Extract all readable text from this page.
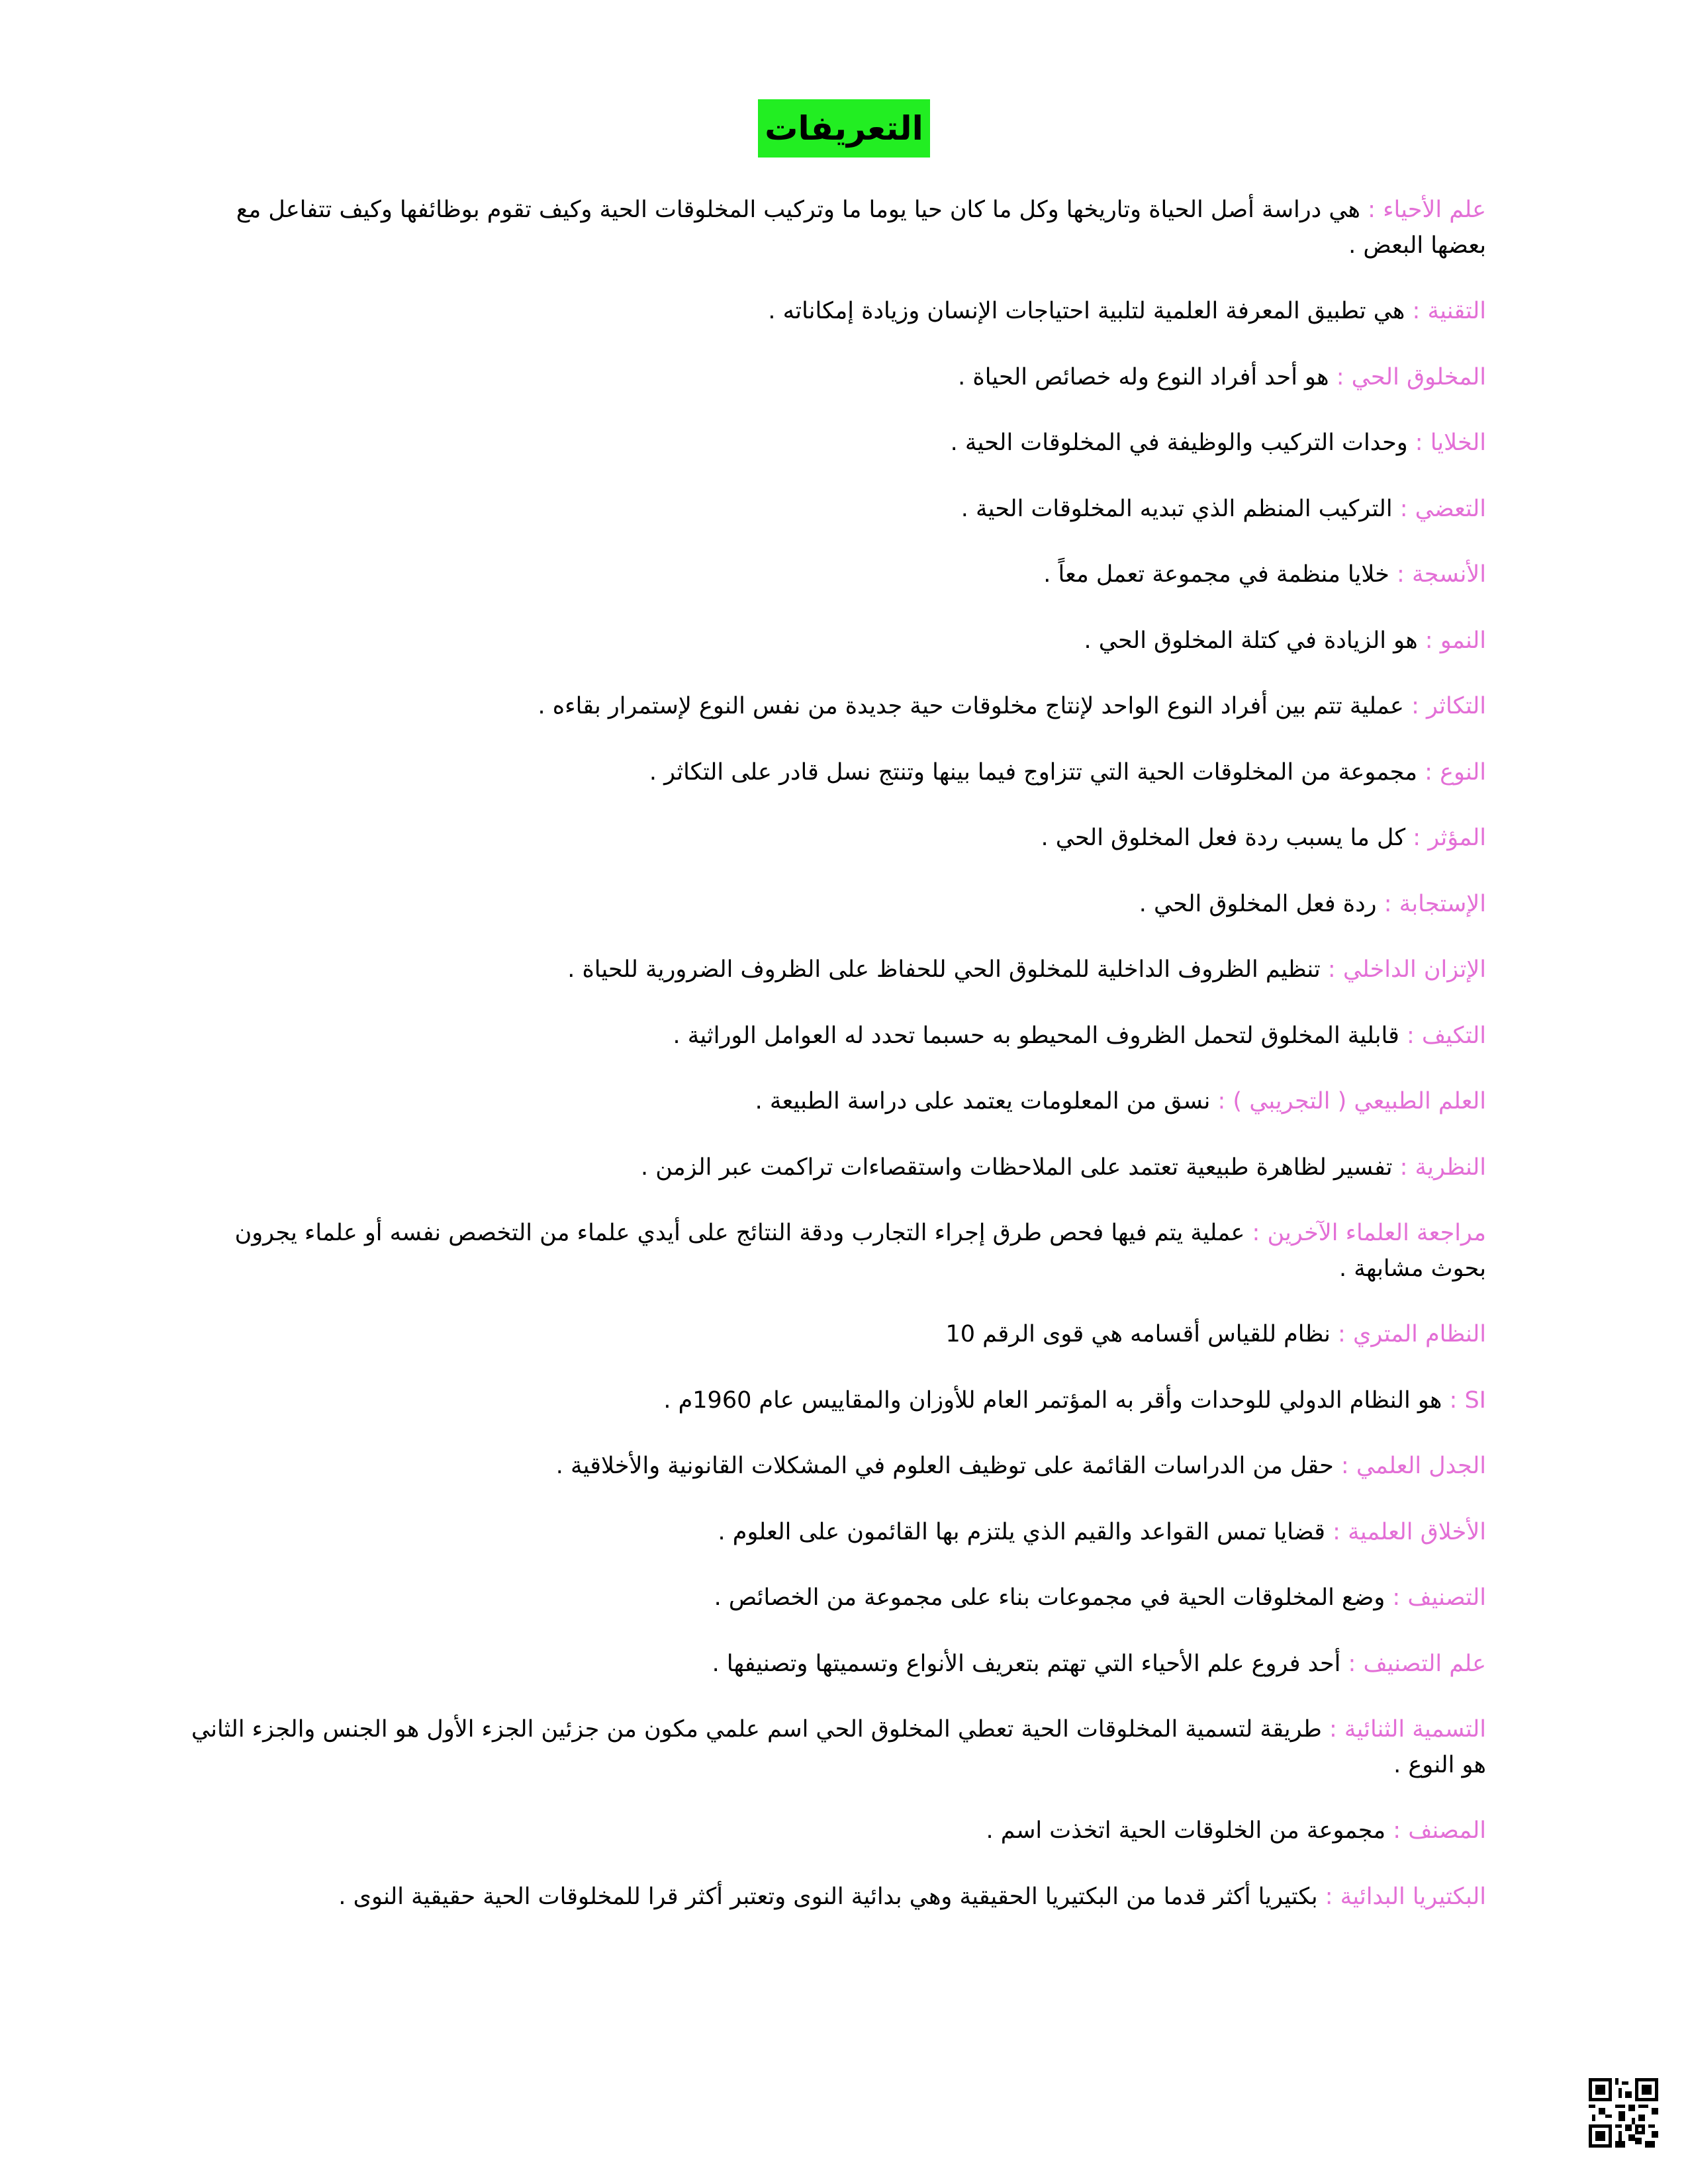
التعريفات
علم الأحياء : هي دراسة أصل الحياة وتاريخها وكل ما كان حيا يوما ما وتركيب المخلوقات الحية وكيف تقوم بوظائفها وكيف تتفاعل مع بعضها البعض .
التقنية : هي تطبيق المعرفة العلمية لتلبية احتياجات الإنسان وزيادة إمكاناته .
المخلوق الحي : هو أحد أفراد النوع وله خصائص الحياة .
الخلايا : وحدات التركيب والوظيفة في المخلوقات الحية .
التعضي : التركيب المنظم الذي تبديه المخلوقات الحية .
الأنسجة : خلايا منظمة في مجموعة تعمل معاً .
النمو : هو الزيادة في كتلة المخلوق الحي .
التكاثر : عملية تتم بين أفراد النوع الواحد لإنتاج مخلوقات حية جديدة من نفس النوع لإستمرار بقاءه .
النوع : مجموعة من المخلوقات الحية التي تتزاوج فيما بينها وتنتج نسل قادر على التكاثر .
المؤثر : كل ما يسبب ردة فعل المخلوق الحي .
الإستجابة : ردة فعل المخلوق الحي .
الإتزان الداخلي : تنظيم الظروف الداخلية للمخلوق الحي للحفاظ على الظروف الضرورية للحياة .
التكيف : قابلية المخلوق لتحمل الظروف المحيطو به حسبما تحدد له العوامل الوراثية .
العلم الطبيعي ( التجريبي ) : نسق من المعلومات يعتمد على دراسة الطبيعة .
النظرية : تفسير لظاهرة طبيعية تعتمد على الملاحظات واستقصاءات تراكمت عبر الزمن .
مراجعة العلماء الآخرين : عملية يتم فيها فحص طرق إجراء التجارب ودقة النتائج على أيدي علماء من التخصص نفسه أو علماء يجرون بحوث مشابهة .
النظام المتري : نظام للقياس أقسامه هي قوى الرقم 10
SI : هو النظام الدولي للوحدات وأقر به المؤتمر العام للأوزان والمقاييس عام 1960م .
الجدل العلمي : حقل من الدراسات القائمة على توظيف العلوم في المشكلات القانونية والأخلاقية .
الأخلاق العلمية : قضايا تمس القواعد والقيم الذي يلتزم بها القائمون على العلوم .
التصنيف : وضع المخلوقات الحية في مجموعات بناء على مجموعة من الخصائص .
علم التصنيف : أحد فروع علم الأحياء التي تهتم بتعريف الأنواع وتسميتها وتصنيفها .
التسمية الثنائية : طريقة لتسمية المخلوقات الحية تعطي المخلوق الحي اسم علمي مكون من جزئين الجزء الأول هو الجنس والجزء الثاني هو النوع .
المصنف : مجموعة من الخلوقات الحية اتخذت اسم .
البكتيريا البدائية : بكتيريا أكثر قدما من البكتيريا الحقيقية وهي بدائية النوى وتعتبر أكثر قرا للمخلوقات الحية حقيقية النوى .
